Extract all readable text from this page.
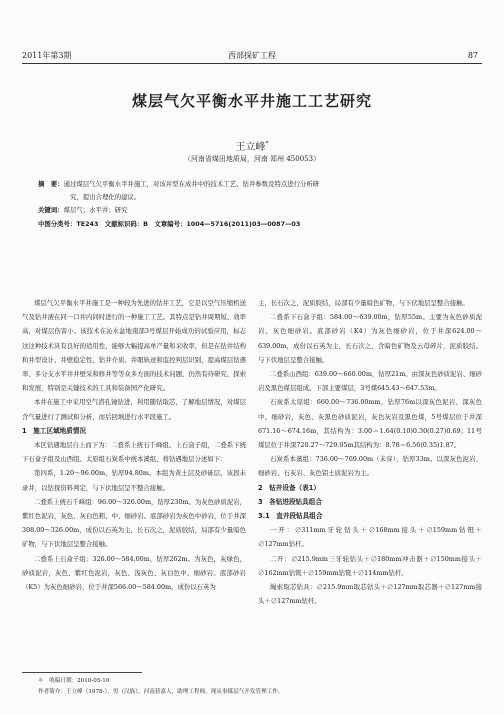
2011年第3期	西部探矿工程	87
煤层气欠平衡水平井施工工艺研究
王立峰*
（河南省煤田地质局，河南 郑州 450053）
摘　要：通过煤层气欠平衡水平井施工，对该井型在成井中的技术工艺、钻井参数及特点进行分析研
究，提出合理化的建议。
关键词：煤层气；水平井；研究
中图分类号：TE243　文献标识码：B　文章编号：1004—5716(2011)03—0087—03

煤层气欠平衡水平井施工是一种较为先进的钻井工艺，它是以空气压缩机送气及钻井液在同一口井内同时进行的一种施工工艺。其特点是钻井周期短、效率高，对煤层伤害小。该技术在沁水盆地南部3号煤层开始成功的试验应用，标志这这种技术具有良好的适用性，能够大幅提高单产量和采收率，但是在钻井结构和井型设计、井壁稳定性、钻井介质、井眼轨迹和监控判层识别、提高煤层钻遇率、多分支水平井井壁采和修井等等众多方面的技术问题，仍然有待研究、探索和发展，特别是关键技术的工具和装备国产化研究。

本井在施工中采用空气潜孔锤钻进，利用随钻取芯，了解地层情况，对煤层含气量进行了测试和分析，而后回填进行水平段施工。

1　施工区域地质情况

本区钻遇地层自上而下为：二叠系上统石千峰组、上石盒子组，二叠系下统下石盒子组及山西组、太原组石炭系中统本溪组，将钻遇地层分述如下：

第四系，1.20～96.00m，钻厚94.80m。本组为黄土层及砂砾层，该段未录井，以钻探资料判定，与下伏地层呈不整合接触。

二叠系上统石千峰组：96.00～326.00m，钻厚230m。为灰色砂质泥岩，紫红色泥岩，灰色、灰白色粗、中、细砂岩。底部砂岩为灰色中砂岩，位于井深308.00～326.00m，成份以石英为主，长石次之，泥质胶结，局部有少量暗色矿物，与下伏地层呈整合接触。

二叠系上石盒子组：326.00～584.00m，钻厚262m。为灰色，灰绿色，砂质泥岩，灰色、紫红色泥岩，灰色、浅灰色、灰白色中、细砂岩。底部砂岩（K5）为灰色细砂岩，位于井深566.00～584.00m，成份以石英为

主，长石次之，泥质胶结，局部有少量暗色矿物，与下伏地层呈整合接触。

二叠系下石盒子组：584.00～639.00m，钻厚55m。主要为灰色砂质泥岩、灰色细砂岩。底部砂岩（K4）为灰色细砂岩，位于井深624.00～639.00m，成份以石英为主，长石次之，含暗色矿物及云母碎片，泥质胶结。与下伏地层呈整合接触。

二叠系山西组：639.00～660.00m，钻厚21m。由深灰色砂质泥岩、细砂岩及黑色煤层组成。下部主要煤层，3号煤645.43～647.53m。

石炭系太原组：660.00～736.00mm，钻厚76m以深灰色泥岩、深灰色中、细砂岩，灰色、灰黑色砂质泥岩，灰色灰岩及黑色煤，5号煤层位于井深671.16～674.16m，其结构为：3.00＝1.64(0.10)0.30(0.27)0.69；11号煤层位于井深720.27～729.05m其结构为：8.78＝6.56(0.35)1.87。

石炭系本溪组：736.00～769.00m（未穿），钻厚33m。以深灰色泥岩、细砂岩、石灰岩、灰色铝土质泥岩为主。

2　钻井设备（表1）
3　各钻进段钻具组合
3.1　直井段钻具组合

一开：∅311mm牙轮钻头＋∅168mm接头＋∅159mm钻铤＋∅127mm钻杆。

二开：∅215.9mm三牙轮钻头＋∅180mm冲击器＋∅150mm接头＋∅162mm钻铤＋∅159mm钻铤＋∅114mm钻杆。

绳索取芯钻具：∅215.9mm取芯钻头＋∅127mm取芯器＋∅127mm接头＋∅127mm钻杆。

＊　收稿日期：2010-05-10
作者简介：王立峰（1978-），男（汉族），河南获嘉人，助理工程师，现从事煤层气开发管理工作。
